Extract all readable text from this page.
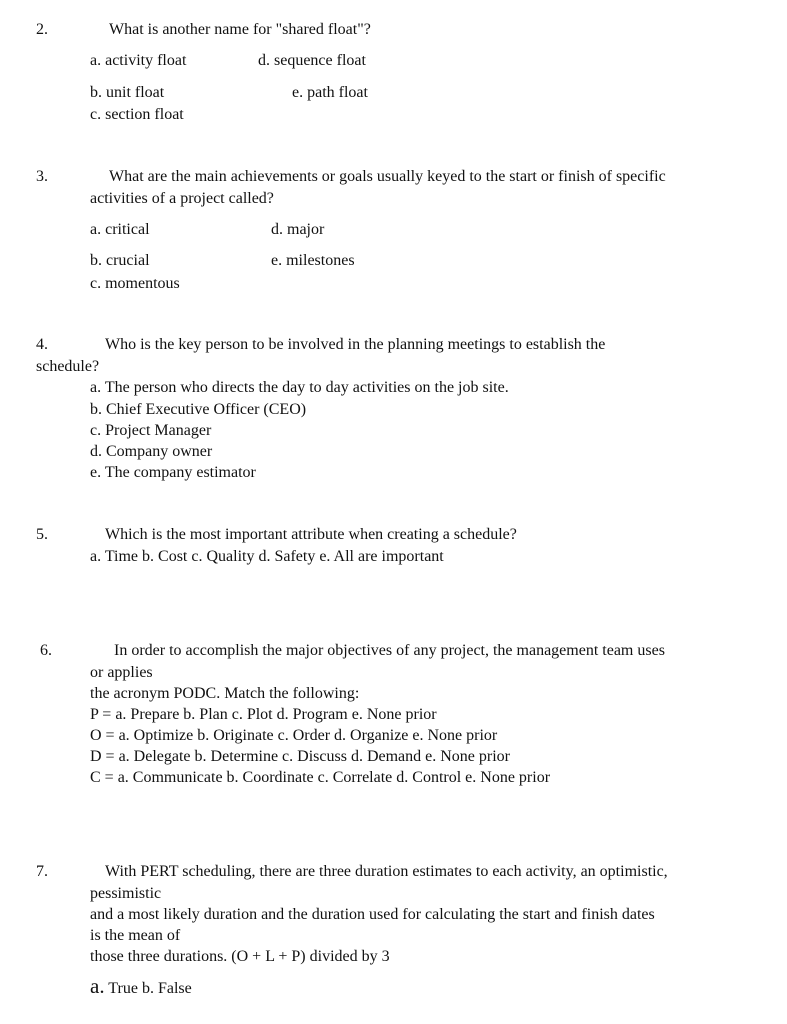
2.	What is another name for "shared float"?
a. activity float	d. sequence float
b. unit float	e. path float
c. section float
3.	What are the main achievements or goals usually keyed to the start or finish of specific
activities of a project called?
a. critical	d. major
b. crucial	e. milestones
c. momentous
4.	Who is the key person to be involved in the planning meetings to establish the
schedule?
a. The person who directs the day to day activities on the job site.
b. Chief Executive Officer (CEO)
c. Project Manager
d. Company owner
e. The company estimator
5.	Which is the most important attribute when creating a schedule?
a. Time b. Cost c. Quality d. Safety e. All are important
6.	In order to accomplish the major objectives of any project, the management team uses
or applies
the acronym PODC. Match the following:
P = a. Prepare b. Plan c. Plot d. Program e. None prior
O = a. Optimize b. Originate c. Order d. Organize e. None prior
D = a. Delegate b. Determine c. Discuss d. Demand e. None prior
C = a. Communicate b. Coordinate c. Correlate d. Control e. None prior
7.	With PERT scheduling, there are three duration estimates to each activity, an optimistic,
pessimistic
and a most likely duration and the duration used for calculating the start and finish dates
is the mean of
those three durations. (O + L + P) divided by 3
a. True b. False
